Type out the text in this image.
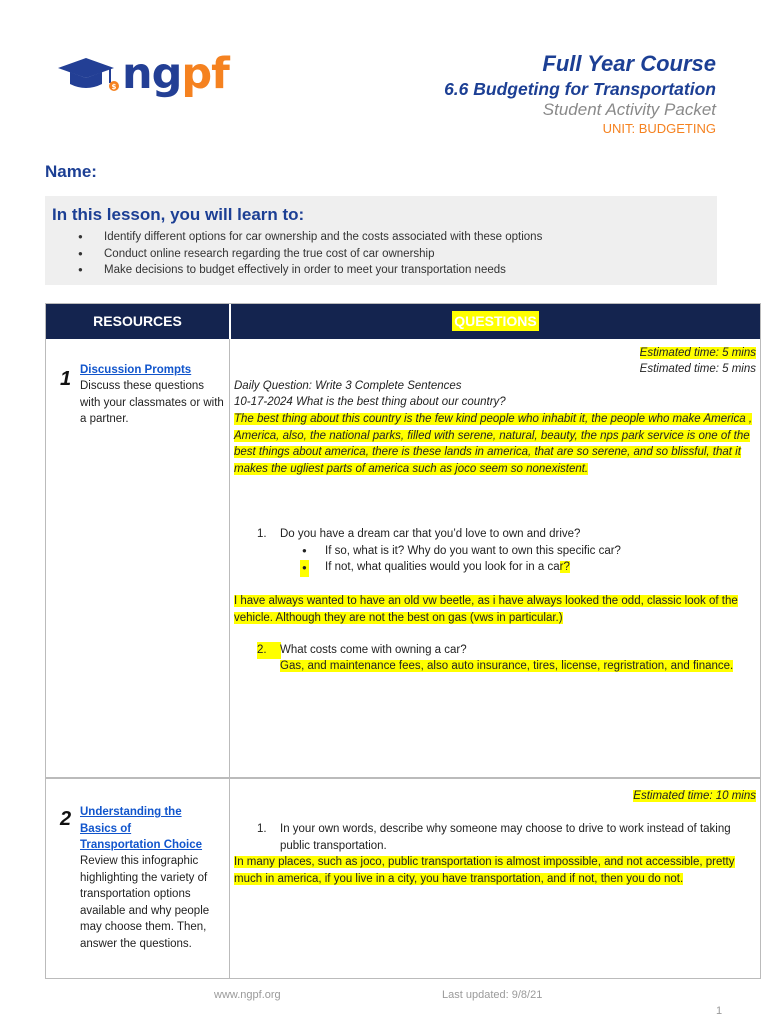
$ ngpf	Full Year Course
6.6 Budgeting for Transportation
Student Activity Packet
UNIT: BUDGETING
Name:
In this lesson, you will learn to:
● Identify different options for car ownership and the costs associated with these options
● Conduct online research regarding the true cost of car ownership
● Make decisions to budget effectively in order to meet your transportation needs
RESOURCES	QUESTIONS
1 Discussion Prompts
Discuss these questions with your classmates or with a partner.
Estimated time: 5 mins
Estimated time: 5 mins
Daily Question: Write 3 Complete Sentences
10-17-2024 What is the best thing about our country?
The best thing about this country is the few kind people who inhabit it, the people who make America , America, also, the national parks, filled with serene, natural, beauty, the nps park service is one of the best things about america, there is these lands in america, that are so serene, and so blissful, that it makes the ugliest parts of america such as joco seem so nonexistent.
1. Do you have a dream car that you’d love to own and drive?
● If so, what is it? Why do you want to own this specific car?
● If not, what qualities would you look for in a car?
I have always wanted to have an old vw beetle, as i have always looked the odd, classic look of the vehicle. Although they are not the best on gas (vws in particular.)
2.	What costs come with owning a car?
Gas, and maintenance fees, also auto insurance, tires, license, regristration, and finance.
2 Understanding the Basics of Transportation Choice
Review this infographic highlighting the variety of transportation options available and why people may choose them. Then, answer the questions.
Estimated time: 10 mins
1. In your own words, describe why someone may choose to drive to work instead of taking public transportation.
In many places, such as joco, public transportation is almost impossible, and not accessible, pretty much in america, if you live in a city, you have transportation, and if not, then you do not.
www.ngpf.org	Last updated: 9/8/21
1
